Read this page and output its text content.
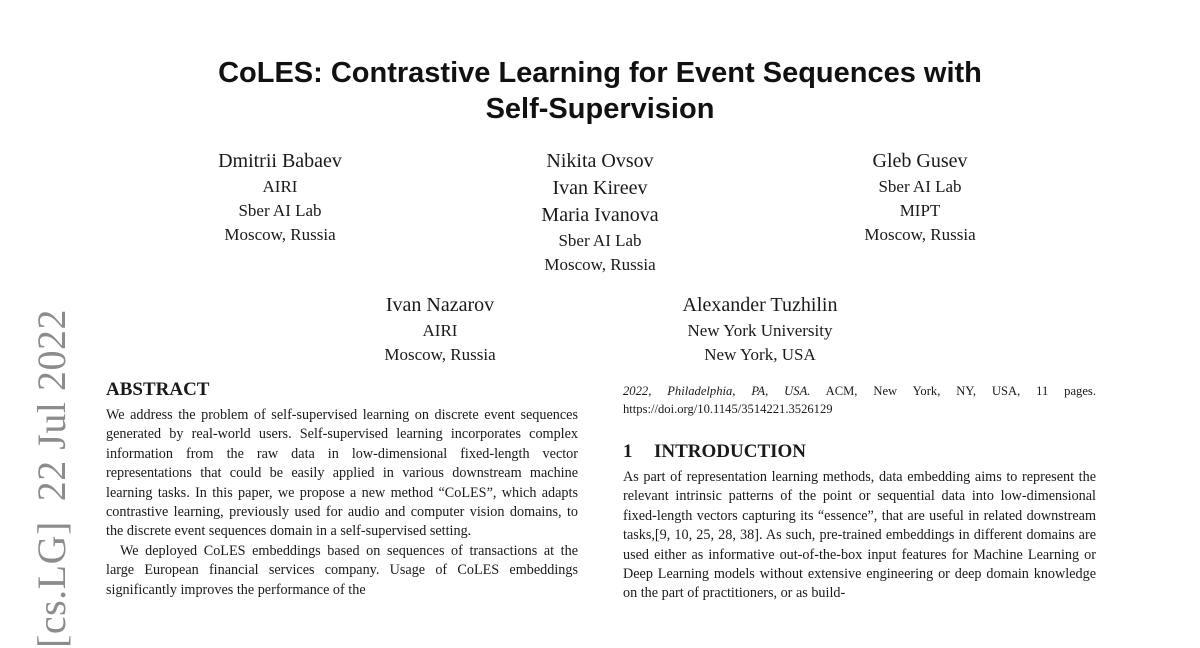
[cs.LG]22 Jul 2022
CoLES: Contrastive Learning for Event Sequences with
Self-Supervision
Dmitrii Babaev
AIRI
Sber AI Lab
Moscow, Russia
Nikita Ovsov
Ivan Kireev
Maria Ivanova
Sber AI Lab
Moscow, Russia
Gleb Gusev
Sber AI Lab
MIPT
Moscow, Russia
Ivan Nazarov
AIRI
Moscow, Russia
Alexander Tuzhilin
New York University
New York, USA
ABSTRACT

We address the problem of self-supervised learning on discrete event sequences generated by real-world users. Self-supervised learning incorporates complex information from the raw data in low-dimensional fixed-length vector representations that could be easily applied in various downstream machine learning tasks. In this paper, we propose a new method “CoLES”, which adapts contrastive learning, previously used for audio and computer vision domains, to the discrete event sequences domain in a self-supervised setting.

We deployed CoLES embeddings based on sequences of transactions at the large European financial services company. Usage of CoLES embeddings significantly improves the performance of the

2022, Philadelphia, PA, USA. ACM, New York, NY, USA, 11 pages. https://doi.org/10.1145/3514221.3526129

1 INTRODUCTION

As part of representation learning methods, data embedding aims to represent the relevant intrinsic patterns of the point or sequential data into low-dimensional fixed-length vectors capturing its “essence”, that are useful in related downstream tasks,[9, 10, 25, 28, 38]. As such, pre-trained embeddings in different domains are used either as informative out-of-the-box input features for Machine Learning or Deep Learning models without extensive engineering or deep domain knowledge on the part of practitioners, or as build-
